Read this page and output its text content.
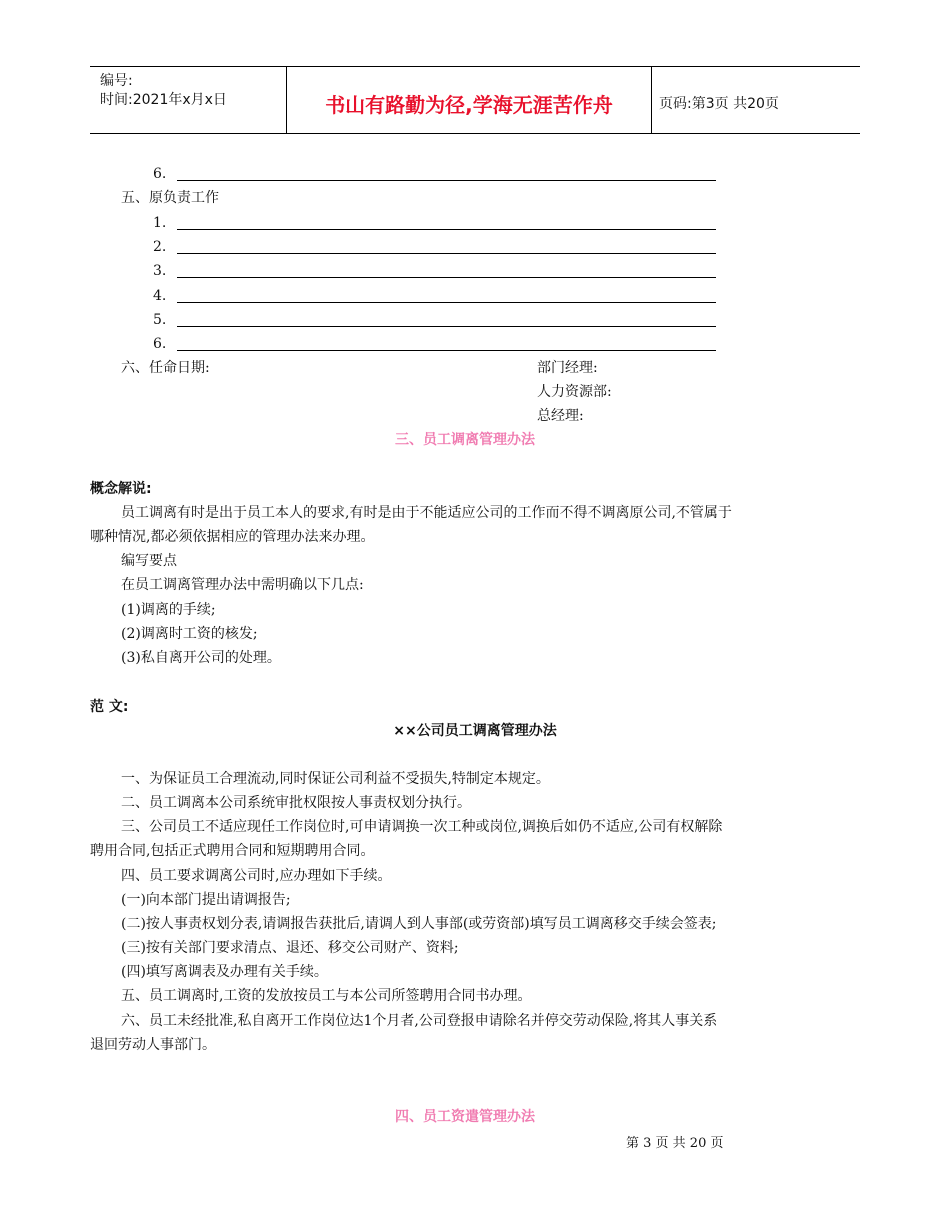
编号:
时间:2021年x月x日	书山有路勤为径,学海无涯苦作舟	页码:第3页 共20页
6.
五、原负责工作
1.
2.
3.
4.
5.
6.
六、任命日期:	部门经理:
人力资源部:
总经理:
三、员工调离管理办法
概念解说:
员工调离有时是出于员工本人的要求,有时是由于不能适应公司的工作而不得不调离原公司,不管属于
哪种情况,都必须依据相应的管理办法来办理。
编写要点
在员工调离管理办法中需明确以下几点:
(1)调离的手续;
(2)调离时工资的核发;
(3)私自离开公司的处理。
范 文:
××公司员工调离管理办法
一、为保证员工合理流动,同时保证公司利益不受损失,特制定本规定。
二、员工调离本公司系统审批权限按人事责权划分执行。
三、公司员工不适应现任工作岗位时,可申请调换一次工种或岗位,调换后如仍不适应,公司有权解除
聘用合同,包括正式聘用合同和短期聘用合同。
四、员工要求调离公司时,应办理如下手续。
(一)向本部门提出请调报告;
(二)按人事责权划分表,请调报告获批后,请调人到人事部(或劳资部)填写员工调离移交手续会签表;
(三)按有关部门要求清点、退还、移交公司财产、资料;
(四)填写离调表及办理有关手续。
五、员工调离时,工资的发放按员工与本公司所签聘用合同书办理。
六、员工未经批准,私自离开工作岗位达1个月者,公司登报申请除名并停交劳动保险,将其人事关系
退回劳动人事部门。
四、员工资遣管理办法
第 3 页 共 20 页
